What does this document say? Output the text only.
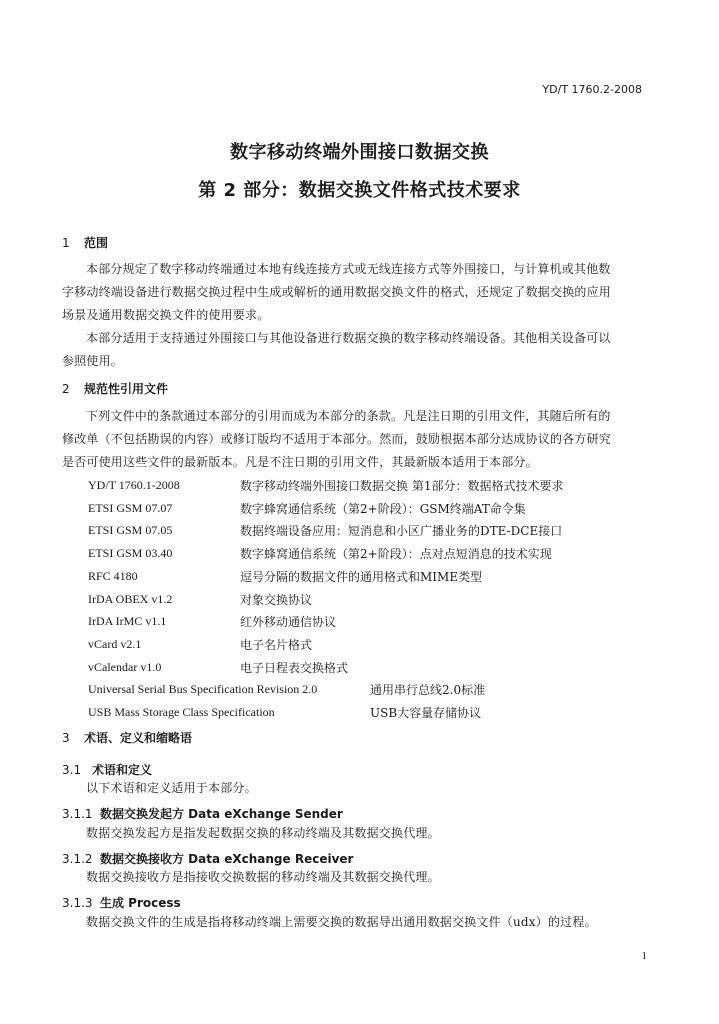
YD/T 1760.2-2008
数字移动终端外围接口数据交换
第 2 部分：数据交换文件格式技术要求
1 范围
本部分规定了数字移动终端通过本地有线连接方式或无线连接方式等外围接口，与计算机或其他数
字移动终端设备进行数据交换过程中生成或解析的通用数据交换文件的格式，还规定了数据交换的应用
场景及通用数据交换文件的使用要求。
本部分适用于支持通过外围接口与其他设备进行数据交换的数字移动终端设备。其他相关设备可以
参照使用。
2 规范性引用文件
下列文件中的条款通过本部分的引用而成为本部分的条款。凡是注日期的引用文件，其随后所有的
修改单（不包括勘误的内容）或修订版均不适用于本部分。然而，鼓励根据本部分达成协议的各方研究
是否可使用这些文件的最新版本。凡是不注日期的引用文件，其最新版本适用于本部分。
YD/T 1760.1-2008	数字移动终端外围接口数据交换 第1部分：数据格式技术要求
ETSI GSM 07.07	数字蜂窝通信系统（第2+阶段）：GSM终端AT命令集
ETSI GSM 07.05	数据终端设备应用：短消息和小区广播业务的DTE-DCE接口
ETSI GSM 03.40	数字蜂窝通信系统（第2+阶段）：点对点短消息的技术实现
RFC 4180	逗号分隔的数据文件的通用格式和MIME类型
IrDA OBEX v1.2	对象交换协议
IrDA IrMC v1.1	红外移动通信协议
vCard v2.1	电子名片格式
vCalendar v1.0	电子日程表交换格式
Universal Serial Bus Specification Revision 2.0	通用串行总线2.0标准
USB Mass Storage Class Specification	USB大容量存储协议
3 术语、定义和缩略语
3.1 术语和定义
以下术语和定义适用于本部分。
3.1.1 数据交换发起方 Data eXchange Sender
数据交换发起方是指发起数据交换的移动终端及其数据交换代理。
3.1.2 数据交换接收方 Data eXchange Receiver
数据交换接收方是指接收交换数据的移动终端及其数据交换代理。
3.1.3 生成 Process
数据交换文件的生成是指将移动终端上需要交换的数据导出通用数据交换文件（udx）的过程。
1
